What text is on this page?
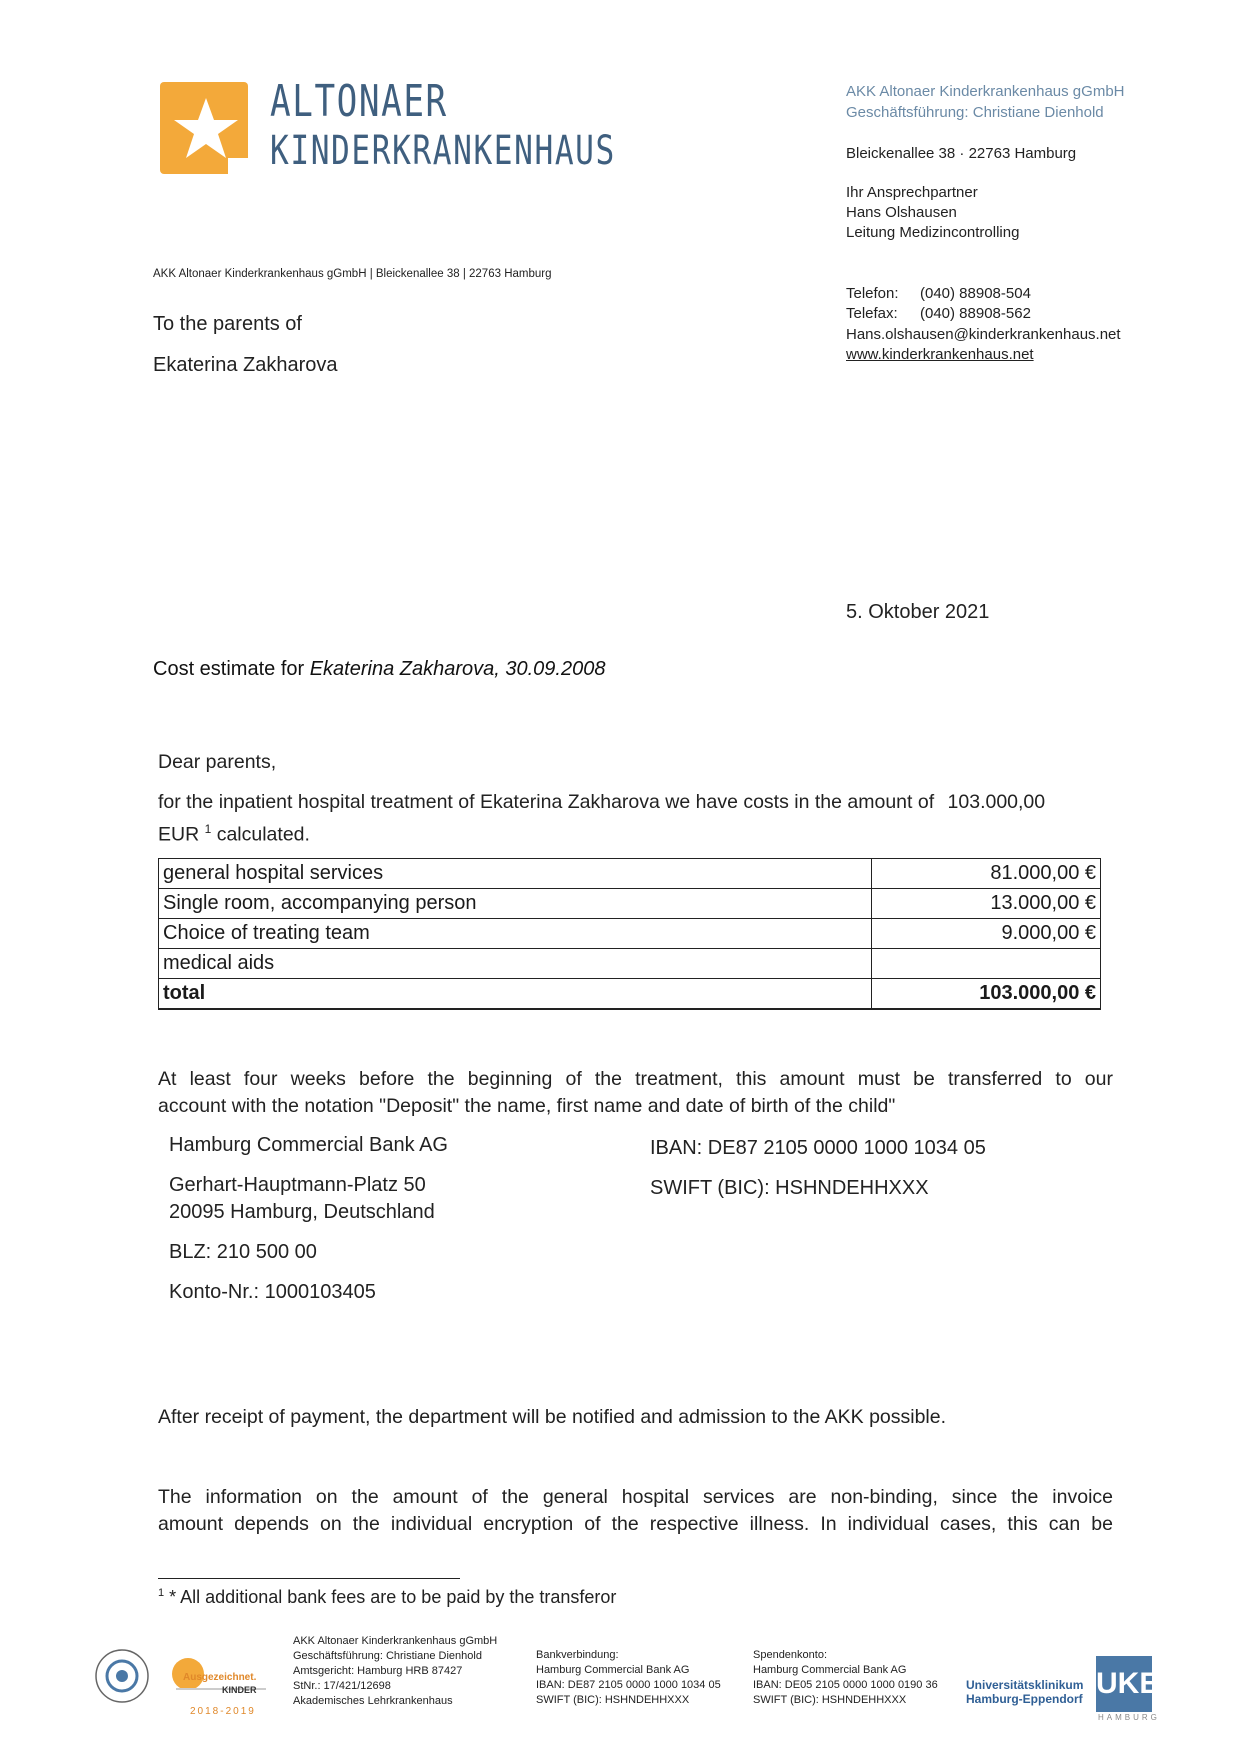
ALTONAER
KINDERKRANKENHAUS
AKK Altonaer Kinderkrankenhaus gGmbH
Geschäftsführung: Christiane Dienhold
Bleickenallee 38 · 22763 Hamburg
Ihr Ansprechpartner
Hans Olshausen
Leitung Medizincontrolling
Telefon: (040) 88908-504
Telefax: (040) 88908-562
Hans.olshausen@kinderkrankenhaus.net
www.kinderkrankenhaus.net
AKK Altonaer Kinderkrankenhaus gGmbH | Bleickenallee 38 | 22763 Hamburg
To the parents of
Ekaterina Zakharova
5. Oktober 2021
Cost estimate for Ekaterina Zakharova, 30.09.2008
Dear parents,
for the inpatient hospital treatment of Ekaterina Zakharova we have costs in the amount of 103.000,00
EUR $^1$ calculated.
general hospital services	81.000,00 €
Single room, accompanying person	13.000,00 €
Choice of treating team	9.000,00 €
medical aids	
total	103.000,00 €
At least four weeks before the beginning of the treatment, this amount must be transferred to our
account with the notation "Deposit" the name, first name and date of birth of the child"
Hamburg Commercial Bank AG
Gerhart-Hauptmann-Platz 50
20095 Hamburg, Deutschland
BLZ: 210 500 00
Konto-Nr.: 1000103405
IBAN: DE87 2105 0000 1000 1034 05
SWIFT (BIC): HSHNDEHHXXX
After receipt of payment, the department will be notified and admission to the AKK possible.
The information on the amount of the general hospital services are non-binding, since the invoice
amount depends on the individual encryption of the respective illness. In individual cases, this can be
$^1$ * All additional bank fees are to be paid by the transferor
Ausgezeichnet.
KINDER
2018-2019
AKK Altonaer Kinderkrankenhaus gGmbH
Geschäftsführung: Christiane Dienhold
Amtsgericht: Hamburg HRB 87427
StNr.: 17/421/12698
Akademisches Lehrkrankenhaus
Bankverbindung:
Hamburg Commercial Bank AG
IBAN: DE87 2105 0000 1000 1034 05
SWIFT (BIC): HSHNDEHHXXX
Spendenkonto:
Hamburg Commercial Bank AG
IBAN: DE05 2105 0000 1000 0190 36
SWIFT (BIC): HSHNDEHHXXX
Universitätsklinikum
Hamburg-Eppendorf UKE
HAMBURG
